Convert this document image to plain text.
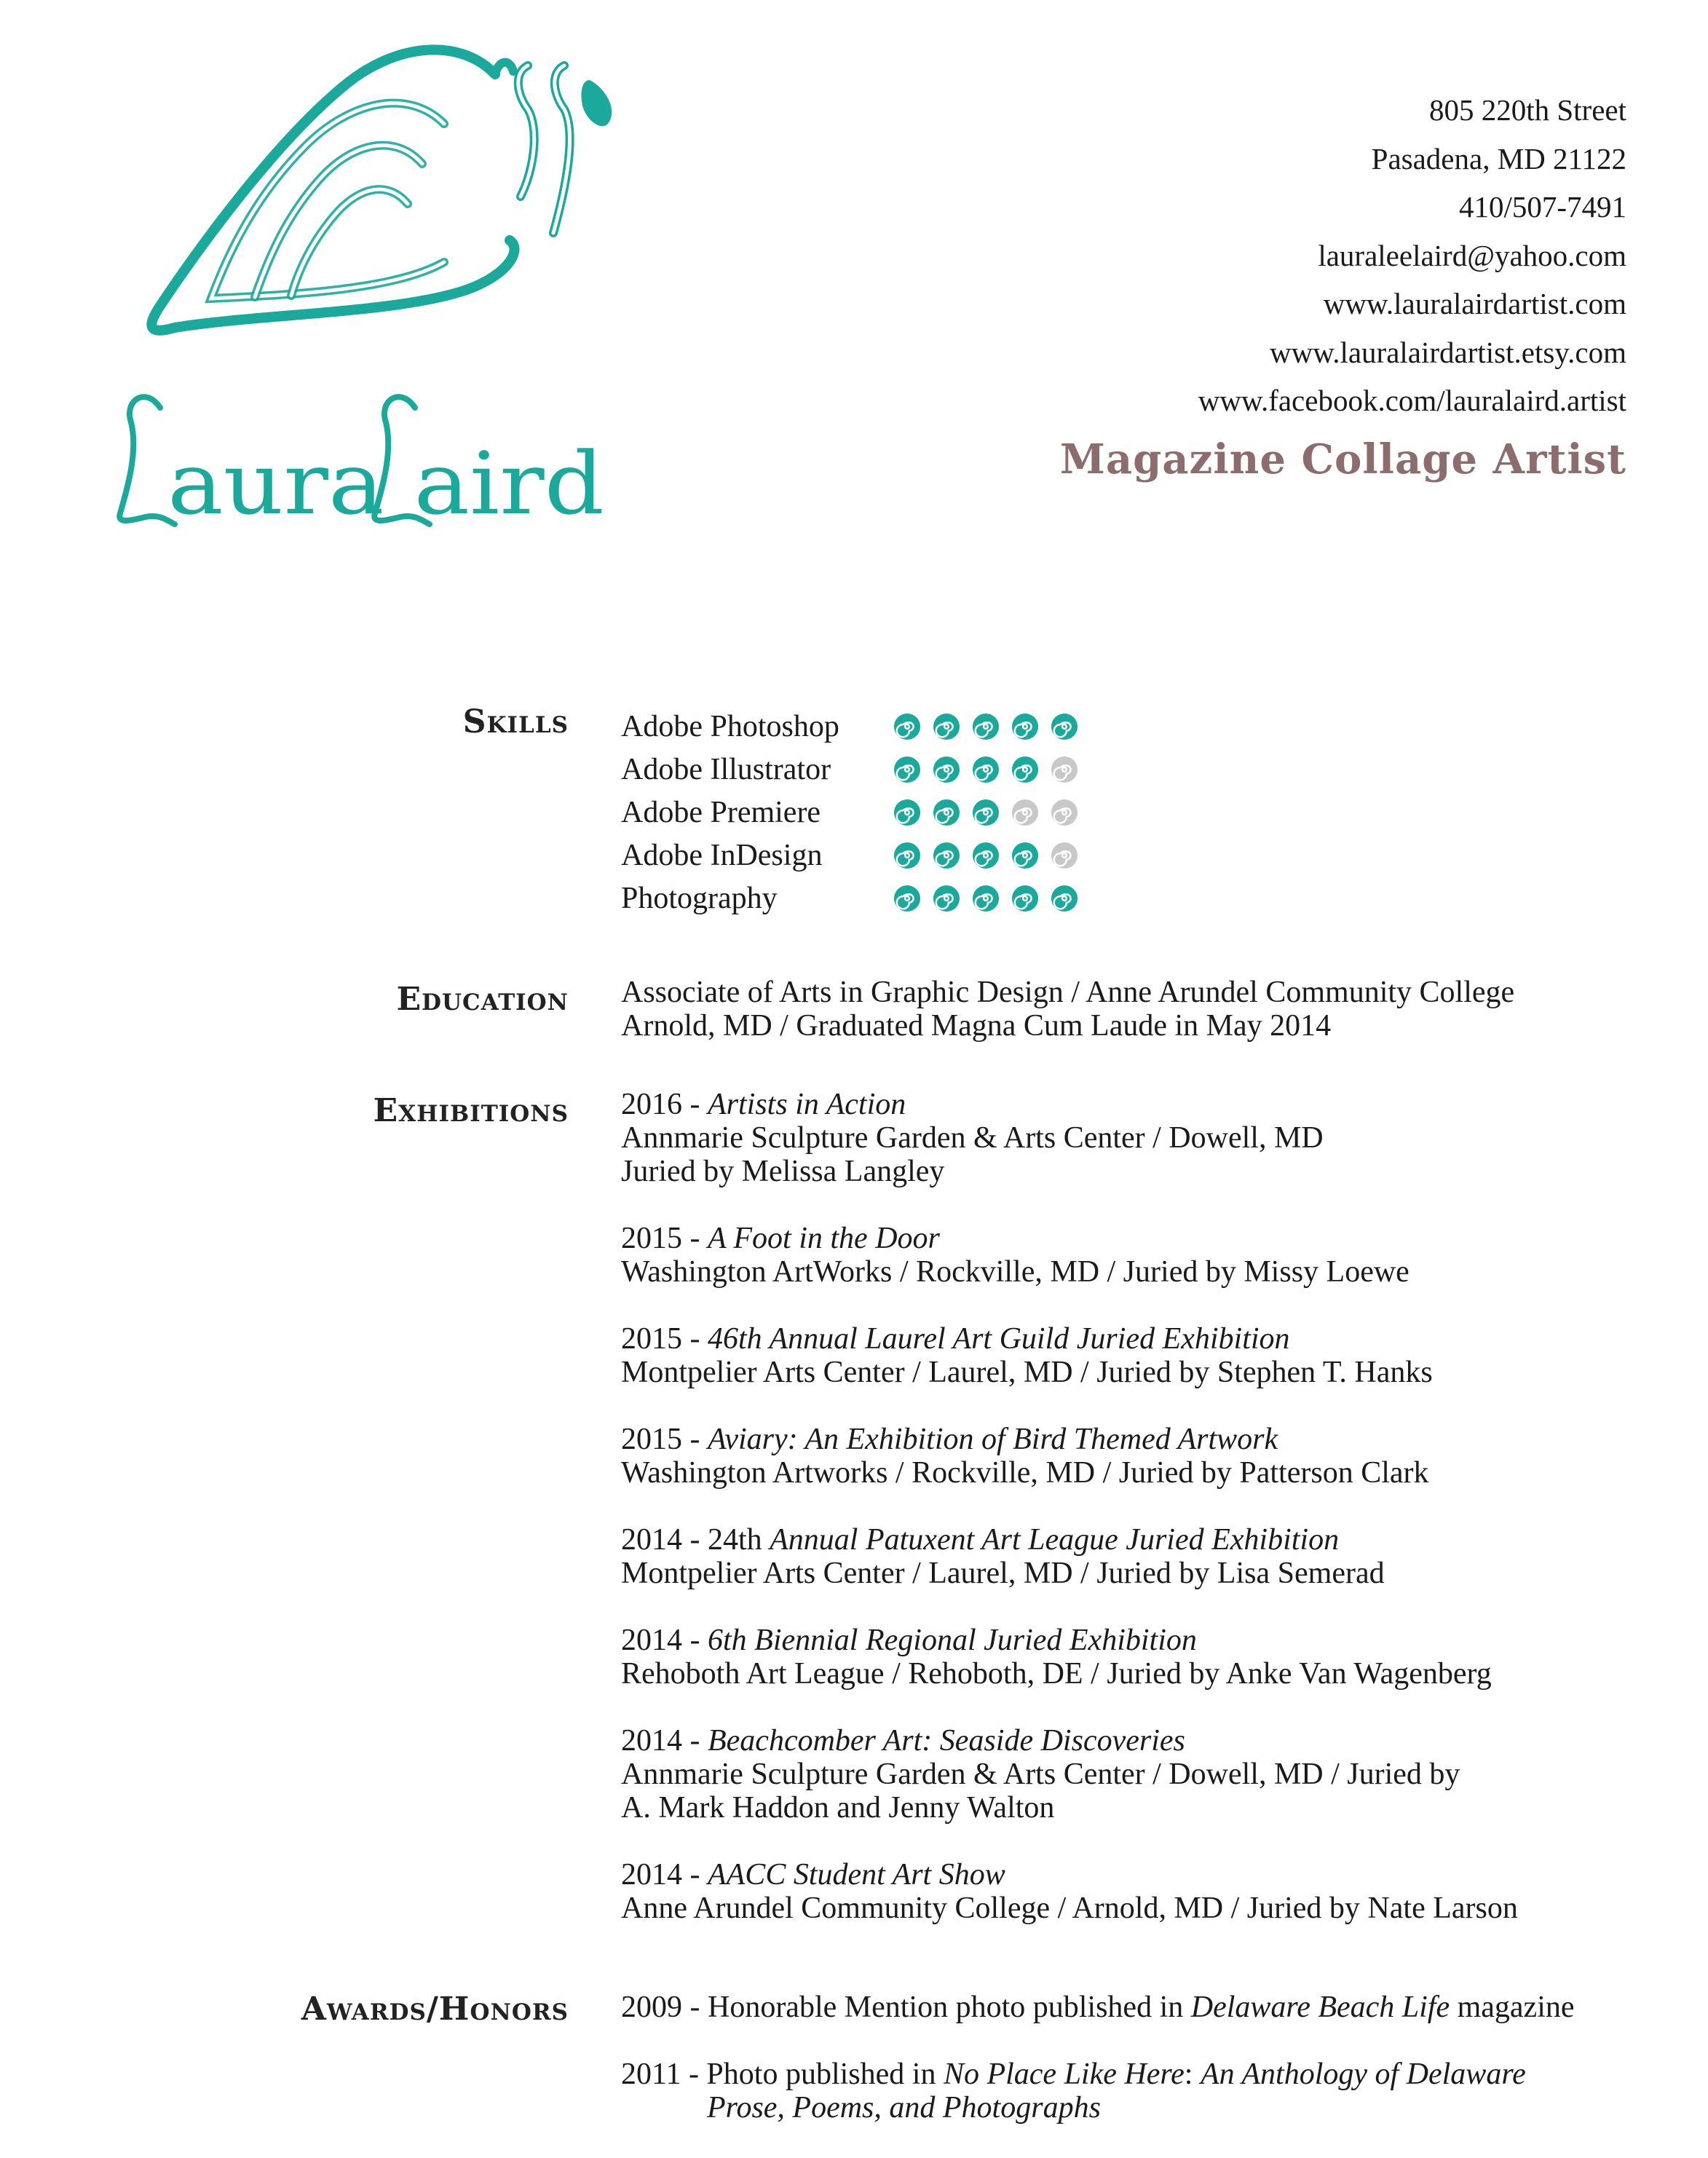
aura aird
805 220th Street
Pasadena, MD 21122
410/507-7491
lauraleelaird@yahoo.com
www.lauralairdartist.com
www.lauralairdartist.etsy.com
www.facebook.com/lauralaird.artist
Magazine Collage Artist
Skills Adobe Photoshop
Adobe Illustrator
Adobe Premiere
Adobe InDesign
Photography
Education Associate of Arts in Graphic Design / Anne Arundel Community College
Arnold, MD / Graduated Magna Cum Laude in May 2014
Exhibitions 2016 - Artists in Action
Annmarie Sculpture Garden & Arts Center / Dowell, MD
Juried by Melissa Langley
2015 - A Foot in the Door
Washington ArtWorks / Rockville, MD / Juried by Missy Loewe
2015 - 46th Annual Laurel Art Guild Juried Exhibition
Montpelier Arts Center / Laurel, MD / Juried by Stephen T. Hanks
2015 - Aviary: An Exhibition of Bird Themed Artwork
Washington Artworks / Rockville, MD / Juried by Patterson Clark
2014 - 24th Annual Patuxent Art League Juried Exhibition
Montpelier Arts Center / Laurel, MD / Juried by Lisa Semerad
2014 - 6th Biennial Regional Juried Exhibition
Rehoboth Art League / Rehoboth, DE / Juried by Anke Van Wagenberg
2014 - Beachcomber Art: Seaside Discoveries
Annmarie Sculpture Garden & Arts Center / Dowell, MD / Juried by
A. Mark Haddon and Jenny Walton
2014 - AACC Student Art Show
Anne Arundel Community College / Arnold, MD / Juried by Nate Larson
Awards/Honors 2009 - Honorable Mention photo published in Delaware Beach Life magazine
2011 - Photo published in No Place Like Here: An Anthology of Delaware
Prose, Poems, and Photographs
